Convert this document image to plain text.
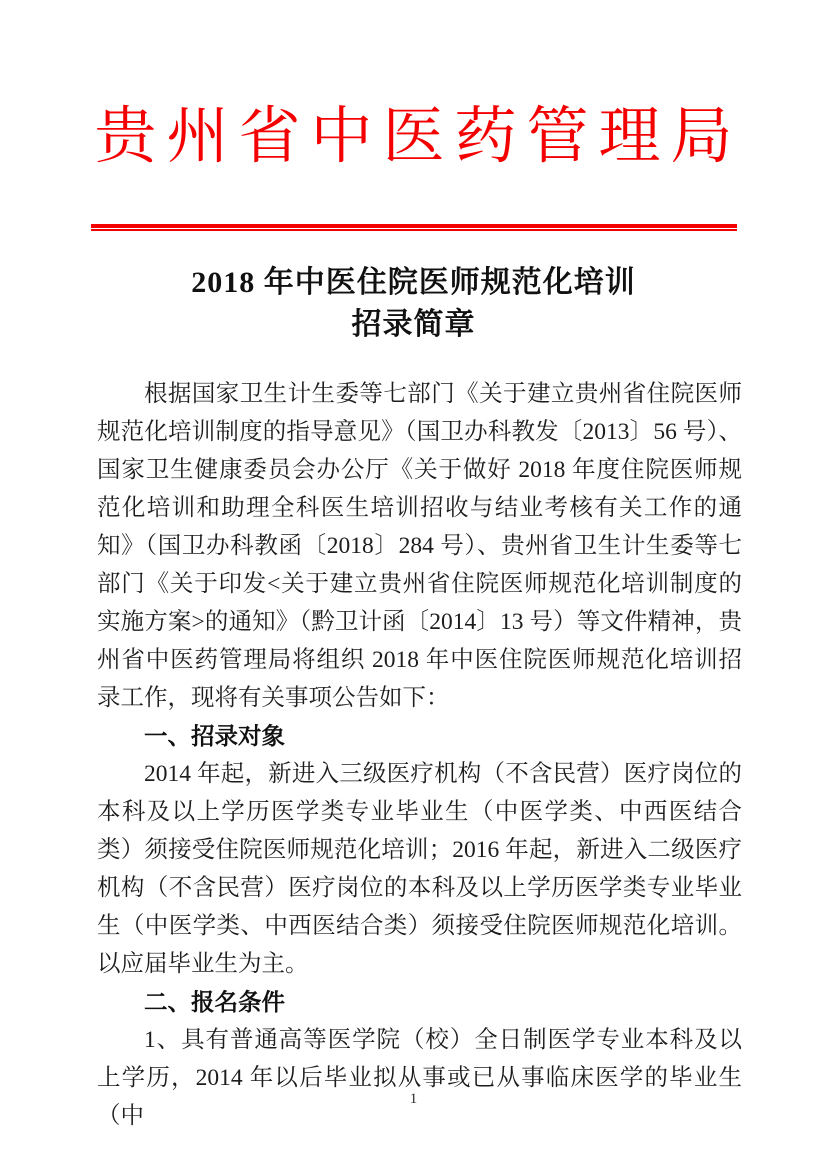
贵州省中医药管理局
2018 年中医住院医师规范化培训
招录简章

根据国家卫生计生委等七部门《关于建立贵州省住院医师规范化培训制度的指导意见》（国卫办科教发〔2013〕56 号）、国家卫生健康委员会办公厅《关于做好 2018 年度住院医师规范化培训和助理全科医生培训招收与结业考核有关工作的通知》（国卫办科教函〔2018〕284 号）、贵州省卫生计生委等七部门《关于印发<关于建立贵州省住院医师规范化培训制度的实施方案>的通知》（黔卫计函〔2014〕13 号）等文件精神，贵州省中医药管理局将组织 2018 年中医住院医师规范化培训招录工作，现将有关事项公告如下：

一、招录对象

2014 年起，新进入三级医疗机构（不含民营）医疗岗位的本科及以上学历医学类专业毕业生（中医学类、中西医结合类）须接受住院医师规范化培训；2016 年起，新进入二级医疗机构（不含民营）医疗岗位的本科及以上学历医学类专业毕业生（中医学类、中西医结合类）须接受住院医师规范化培训。以应届毕业生为主。

二、报名条件

1、具有普通高等医学院（校）全日制医学专业本科及以上学历，2014 年以后毕业拟从事或已从事临床医学的毕业生（中

1
